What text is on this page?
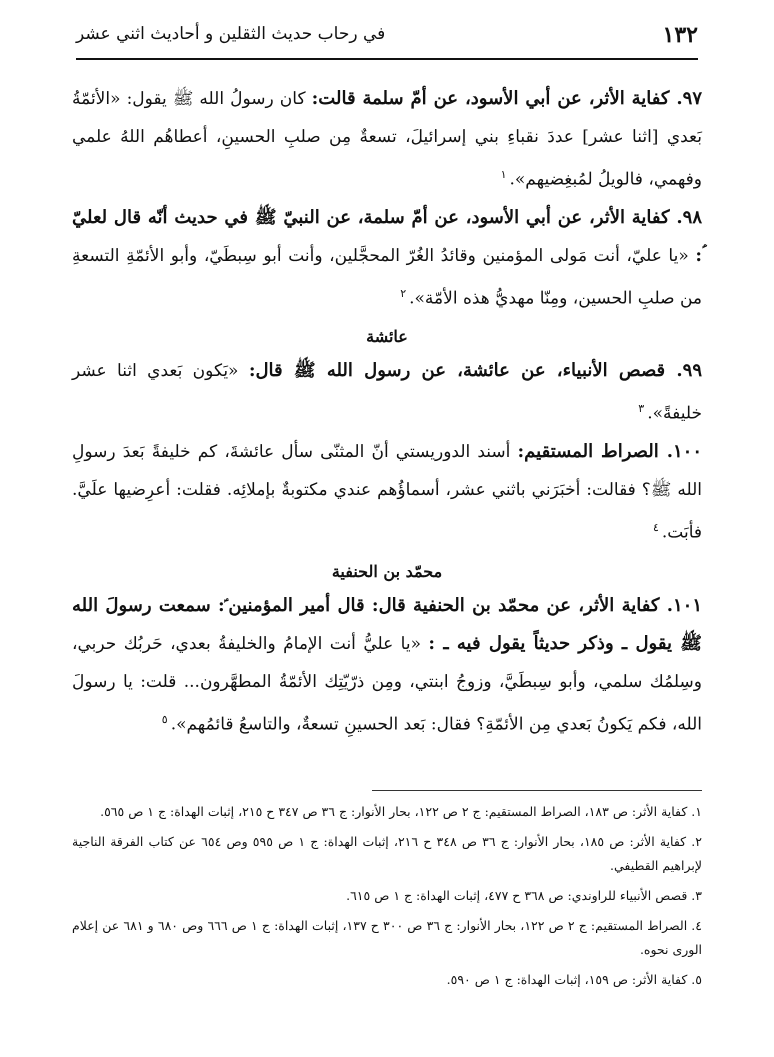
١٣٢
في رحاب حديث الثقلين و أحاديث اثني عشر

٩٧. كفاية الأثر، عن أبي الأسود، عن أمّ سلمة قالت: كان رسولُ الله ﷺ يقول: «الأئمّةُ بَعدي [اثنا عشر] عددَ نقباءِ بني إسرائيلَ، تسعةٌ مِن صلبِ الحسينِ، أعطاهُم اللهُ علمي وفهمي، فالويلُ لمُبغِضيهم».$^١$

٩٨. كفاية الأثر، عن أبي الأسود، عن أمّ سلمة، عن النبيّ ﷺ في حديث أنّه قال لعليّ ؑ: «يا عليّ، أنت مَولى المؤمنين وقائدُ الغُرّ المحجَّلين، وأنت أبو سِبطَيّ، وأبو الأئمّةِ التسعةِ من صلبِ الحسين، ومِنّا مهديُّ هذه الأمّة».$^٢$

عائشة

٩٩. قصص الأنبياء، عن عائشة، عن رسول الله ﷺ قال: «يَكون بَعدي اثنا عشر خليفةً».$^٣$

١٠٠. الصراط المستقيم: أسند الدوريستي أنّ المثنّى سأل عائشةَ، كم خليفةً بَعدَ رسولِ الله ﷺ؟ فقالت: أخبَرَني باثني عشر، أسماؤُهم عندي مكتوبةٌ بإملائِه. فقلت: أعرِضيها علَيَّ. فأبَت.$^٤$

محمّد بن الحنفية

١٠١. كفاية الأثر، عن محمّد بن الحنفية قال: قال أمير المؤمنين ؑ: سمعت رسولَ الله ﷺ يقول ـ وذكر حديثاً يقول فيه ـ : «يا عليُّ أنت الإمامُ والخليفةُ بعدي، حَربُك حربي، وسِلمُك سلمي، وأبو سِبطَيَّ، وزوجُ ابنتي، ومِن ذرّيّتِك الأئمّةُ المطهَّرون... قلت: يا رسولَ الله، فكم يَكونُ بَعدي مِن الأئمّةِ؟ فقال: بَعد الحسينِ تسعةٌ، والتاسعُ قائمُهم».$^٥$

١. كفاية الأثر: ص ١٨٣، الصراط المستقيم: ج ٢ ص ١٢٢، بحار الأنوار: ج ٣٦ ص ٣٤٧ ح ٢١٥، إثبات الهداة: ج ١ ص ٥٦٥.

٢. كفاية الأثر: ص ١٨٥، بحار الأنوار: ج ٣٦ ص ٣٤٨ ح ٢١٦، إثبات الهداة: ج ١ ص ٥٩٥ وص ٦٥٤ عن كتاب الفرقة الناجية لإبراهيم القطيفي.

٣. قصص الأنبياء للراوندي: ص ٣٦٨ ح ٤٧٧، إثبات الهداة: ج ١ ص ٦١٥.

٤. الصراط المستقيم: ج ٢ ص ١٢٢، بحار الأنوار: ج ٣٦ ص ٣٠٠ ح ١٣٧، إثبات الهداة: ج ١ ص ٦٦٦ وص ٦٨٠ و ٦٨١ عن إعلام الورى نحوه.

٥. كفاية الأثر: ص ١٥٩، إثبات الهداة: ج ١ ص ٥٩٠.
